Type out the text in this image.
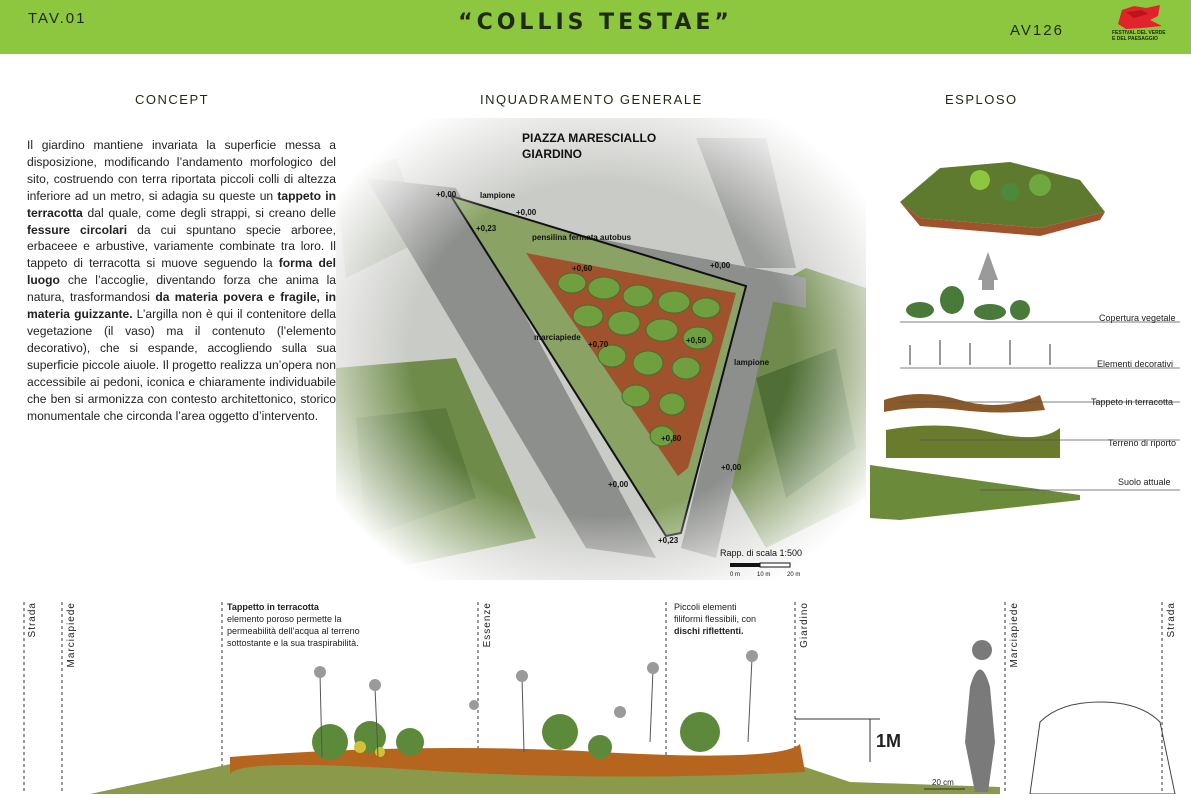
TAV.01	“COLLIS TESTAE”	AV126	FESTIVAL DEL VERDE E DEL PAESAGGIO
CONCEPT
Il giardino mantiene invariata la superficie messa a disposizione, modificando l’andamento morfologico del sito, costruendo con terra riportata piccoli colli di altezza inferiore ad un metro, si adagia su queste un tappeto in terracotta dal quale, come degli strappi, si creano delle fessure circolari da cui spuntano specie arboree, erbaceee e arbustive, variamente combinate tra loro. Il tappeto di terracotta si muove seguendo la forma del luogo che l’accoglie, diventando forza che anima la natura, trasformandosi da materia povera e fragile, in materia guizzante. L’argilla non è qui il contenitore della vegetazione (il vaso) ma il contenuto (l’elemento decorativo), che si espande, accogliendo sulla sua superficie piccole aiuole. Il progetto realizza un’opera non accessibile ai pedoni, iconica e chiaramente individuabile che ben si armonizza con contesto architettonico, storico monumentale che circonda l’area oggetto d’intervento.
INQUADRAMENTO GENERALE
PIAZZA MARESCIALLO
GIARDINO
+0,00	lampione
+0,00
+0,23
pensilina fermata autobus
+0,00
+0,60
marciapiede	+0,50
+0,70
lampione
+0,80
+0,00
+0,00
+0,23
Rapp. di scala 1:500
0 m	10 m	20 m
ESPLOSO
Copertura vegetale
Elementi decorativi
Tappeto in terracotta
Terreno di riporto
Suolo attuale
Strada	Marciapiede	Essenze	Giardino	Marciapiede	Strada
Tappetto in terracotta
elemento poroso permette la permeabilità dell’acqua al terreno sottostante e la sua traspirabilità.
Piccoli elementi filiformi flessibili, con dischi riflettenti.
1M
20 cm
